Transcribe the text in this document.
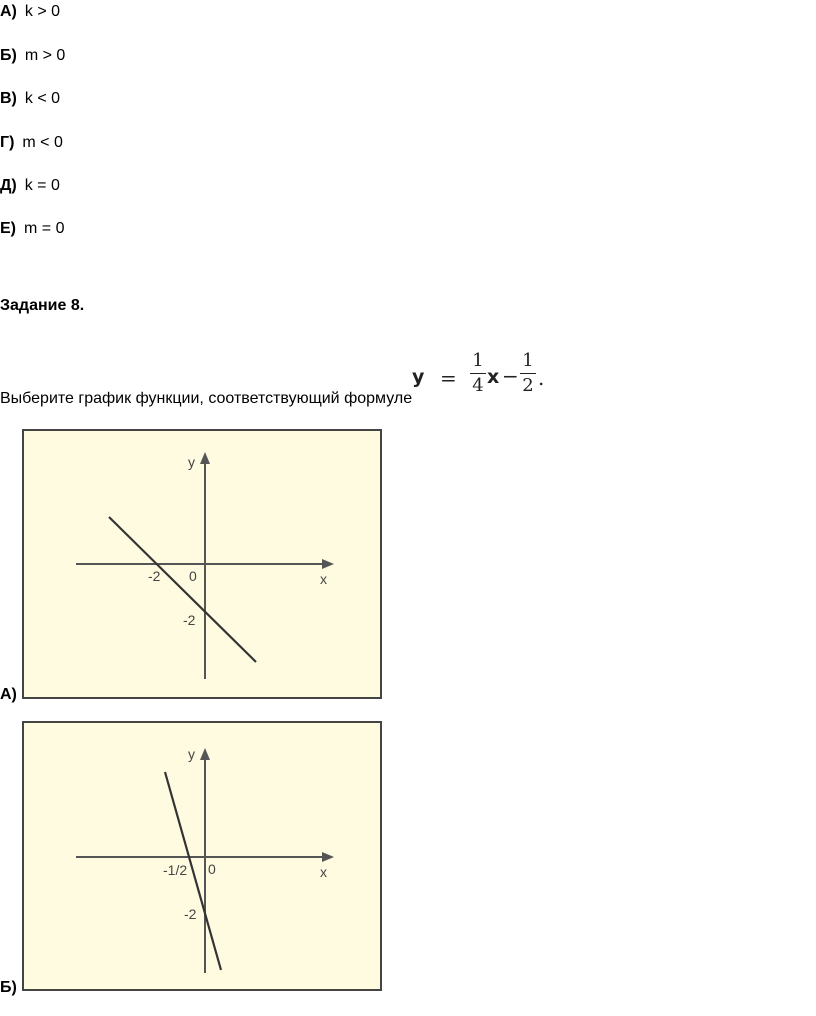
А) k > 0
Б) m > 0
В) k < 0
Г) m < 0
Д) k = 0
Е) m = 0
Задание 8.
y =
1
4 x −
1
2 .
Выберите график функции, соответствующий формуле
y
x
0
-2
-2
А)
y
x
0
-1/2
-2
Б)
